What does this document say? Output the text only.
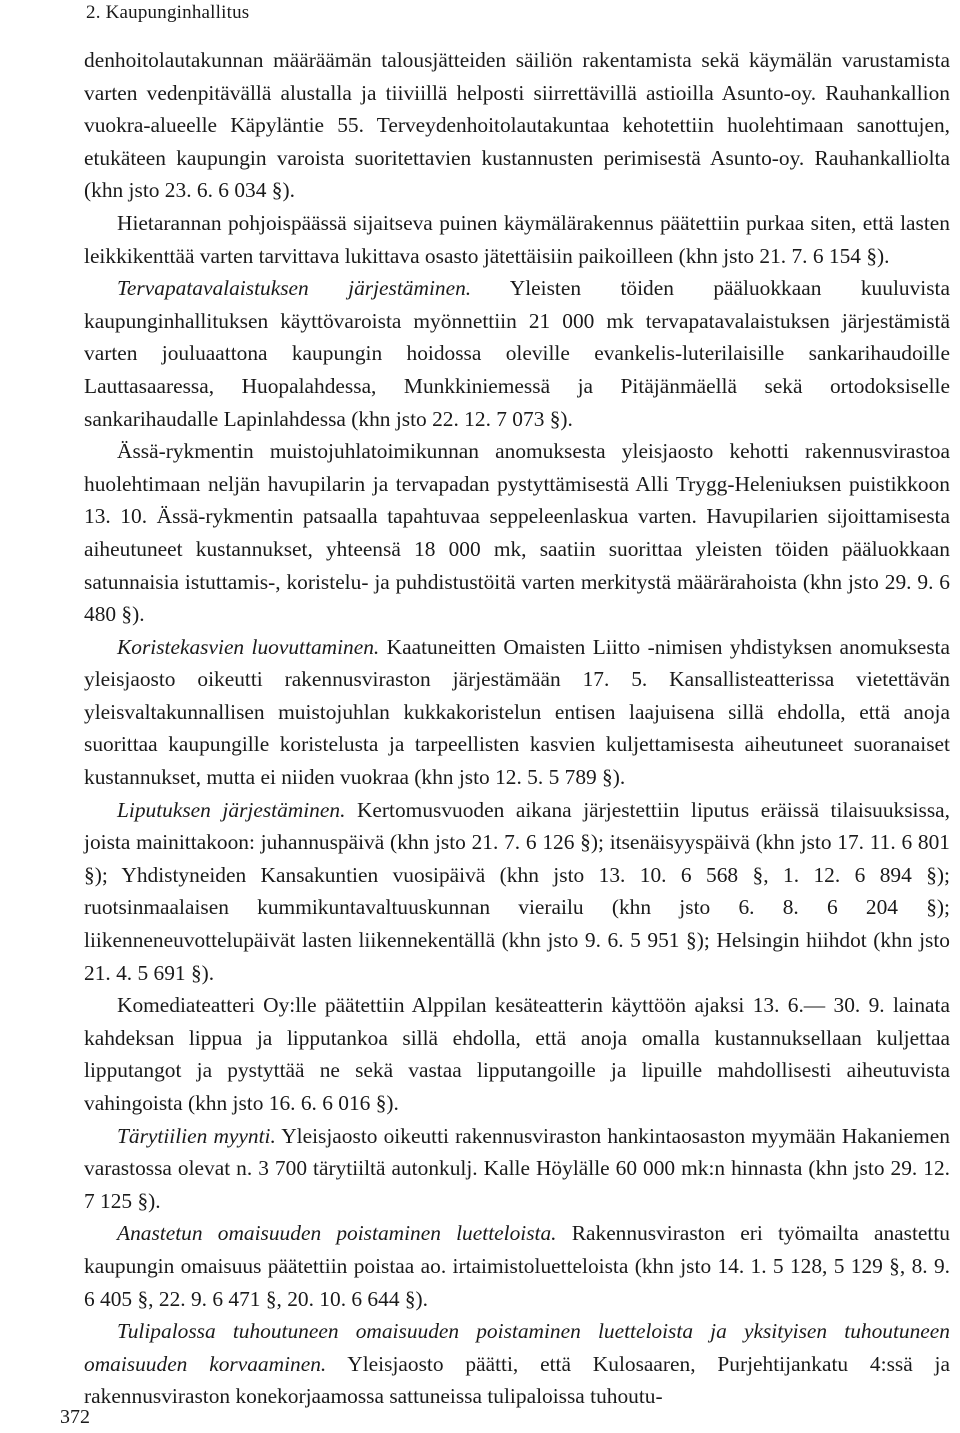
2. Kaupunginhallitus

denhoitolautakunnan määräämän talousjätteiden säiliön rakentamista sekä käymälän varustamista varten vedenpitävällä alustalla ja tiiviillä helposti siirrettävillä astioilla Asunto-oy. Rauhankallion vuokra-alueelle Käpyläntie 55. Terveydenhoitolautakuntaa kehotettiin huolehtimaan sanottujen, etukäteen kaupungin varoista suoritettavien kustannusten perimisestä Asunto-oy. Rauhankalliolta (khn jsto 23. 6. 6 034 §).

Hietarannan pohjoispäässä sijaitseva puinen käymälärakennus päätettiin purkaa siten, että lasten leikkikenttää varten tarvittava lukittava osasto jätettäisiin paikoilleen (khn jsto 21. 7. 6 154 §).

Tervapatavalaistuksen järjestäminen. Yleisten töiden pääluokkaan kuuluvista kaupunginhallituksen käyttövaroista myönnettiin 21 000 mk tervapatavalaistuksen järjestämistä varten jouluaattona kaupungin hoidossa oleville evankelis-luterilaisille sankarihaudoille Lauttasaaressa, Huopalahdessa, Munkkiniemessä ja Pitäjänmäellä sekä ortodoksiselle sankarihaudalle Lapinlahdessa (khn jsto 22. 12. 7 073 §).

Ässä-rykmentin muistojuhlatoimikunnan anomuksesta yleisjaosto kehotti rakennusvirastoa huolehtimaan neljän havupilarin ja tervapadan pystyttämisestä Alli Trygg-Heleniuksen puistikkoon 13. 10. Ässä-rykmentin patsaalla tapahtuvaa seppeleenlaskua varten. Havupilarien sijoittamisesta aiheutuneet kustannukset, yhteensä 18 000 mk, saatiin suorittaa yleisten töiden pääluokkaan satunnaisia istuttamis-, koristelu- ja puhdistustöitä varten merkitystä määrärahoista (khn jsto 29. 9. 6 480 §).

Koristekasvien luovuttaminen. Kaatuneitten Omaisten Liitto -nimisen yhdistyksen anomuksesta yleisjaosto oikeutti rakennusviraston järjestämään 17. 5. Kansallisteatterissa vietettävän yleisvaltakunnallisen muistojuhlan kukkakoristelun entisen laajuisena sillä ehdolla, että anoja suorittaa kaupungille koristelusta ja tarpeellisten kasvien kuljettamisesta aiheutuneet suoranaiset kustannukset, mutta ei niiden vuokraa (khn jsto 12. 5. 5 789 §).

Liputuksen järjestäminen. Kertomusvuoden aikana järjestettiin liputus eräissä tilaisuuksissa, joista mainittakoon: juhannuspäivä (khn jsto 21. 7. 6 126 §); itsenäisyyspäivä (khn jsto 17. 11. 6 801 §); Yhdistyneiden Kansakuntien vuosipäivä (khn jsto 13. 10. 6 568 §, 1. 12. 6 894 §); ruotsinmaalaisen kummikuntavaltuuskunnan vierailu (khn jsto 6. 8. 6 204 §); liikenneneuvottelupäivät lasten liikennekentällä (khn jsto 9. 6. 5 951 §); Helsingin hiihdot (khn jsto 21. 4. 5 691 §).

Komediateatteri Oy:lle päätettiin Alppilan kesäteatterin käyttöön ajaksi 13. 6.— 30. 9. lainata kahdeksan lippua ja lipputankoa sillä ehdolla, että anoja omalla kustannuksellaan kuljettaa lipputangot ja pystyttää ne sekä vastaa lipputangoille ja lipuille mahdollisesti aiheutuvista vahingoista (khn jsto 16. 6. 6 016 §).

Tärytiilien myynti. Yleisjaosto oikeutti rakennusviraston hankintaosaston myymään Hakaniemen varastossa olevat n. 3 700 tärytiiltä autonkulj. Kalle Höylälle 60 000 mk:n hinnasta (khn jsto 29. 12. 7 125 §).

Anastetun omaisuuden poistaminen luetteloista. Rakennusviraston eri työmailta anastettu kaupungin omaisuus päätettiin poistaa ao. irtaimistoluetteloista (khn jsto 14. 1. 5 128, 5 129 §, 8. 9. 6 405 §, 22. 9. 6 471 §, 20. 10. 6 644 §).

Tulipalossa tuhoutuneen omaisuuden poistaminen luetteloista ja yksityisen tuhoutuneen omaisuuden korvaaminen. Yleisjaosto päätti, että Kulosaaren, Purjehtijankatu 4:ssä ja rakennusviraston konekorjaamossa sattuneissa tulipaloissa tuhoutu-

372
